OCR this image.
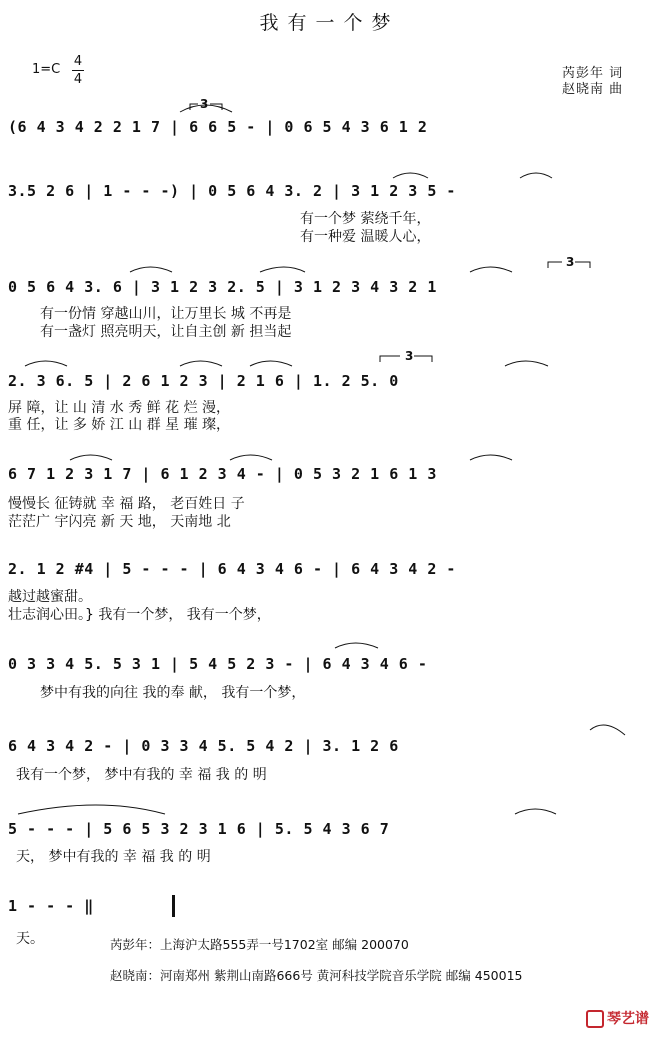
我有一个梦
1=C
4
4	芮彭年 词
赵晓南 曲
(6 4 3 4 2 2 1 7 | 6 6 5 - | 0 6 5 4 3 6 1 2
3.5 2 6 | 1 - - -) | 0 5 6 4 3. 2 | 3 1 2 3 5 -
有一个梦 萦绕千年，
有一种爱 温暖人心，
0 5 6 4 3. 6 | 3 1 2 3 2. 5 | 3 1 2 3 4 3 2 1
有一份情 穿越山川，让万里长 城 不再是
有一盏灯 照亮明天，让自主创 新 担当起
2. 3 6. 5 | 2 6 1 2 3 | 2 1 6 | 1. 2 5. 0
屏 障，让 山 清 水 秀 鲜 花 烂 漫，
重 任，让 多 娇 江 山 群 星 璀 璨，
6 7 1 2 3 1 7 | 6 1 2 3 4 - | 0 5 3 2 1 6 1 3
慢慢长 征铸就 幸 福 路， 老百姓日 子
茫茫广 宇闪亮 新 天 地， 天南地 北
2. 1 2 #4 | 5 - - - | 6 4 3 4 6 - | 6 4 3 4 2 -
越过越蜜甜。
壮志润心田。} 我有一个梦， 我有一个梦，
0 3 3 4 5. 5 3 1 | 5 4 5 2 3 - | 6 4 3 4 6 -
梦中有我的向往 我的奉 献， 我有一个梦，
6 4 3 4 2 - | 0 3 3 4 5. 5 4 2 | 3. 1 2 6
我有一个梦， 梦中有我的 幸 福 我 的 明
5 - - - | 5 6 5 3 2 3 1 6 | 5. 5 4 3 6 7
天， 梦中有我的 幸 福 我 的 明
1 - - - ‖
天。
3
3
3
芮彭年：上海沪太路555弄一号1702室 邮编 200070
赵晓南：河南郑州 紫荆山南路666号 黄河科技学院音乐学院 邮编 450015
琴艺谱
